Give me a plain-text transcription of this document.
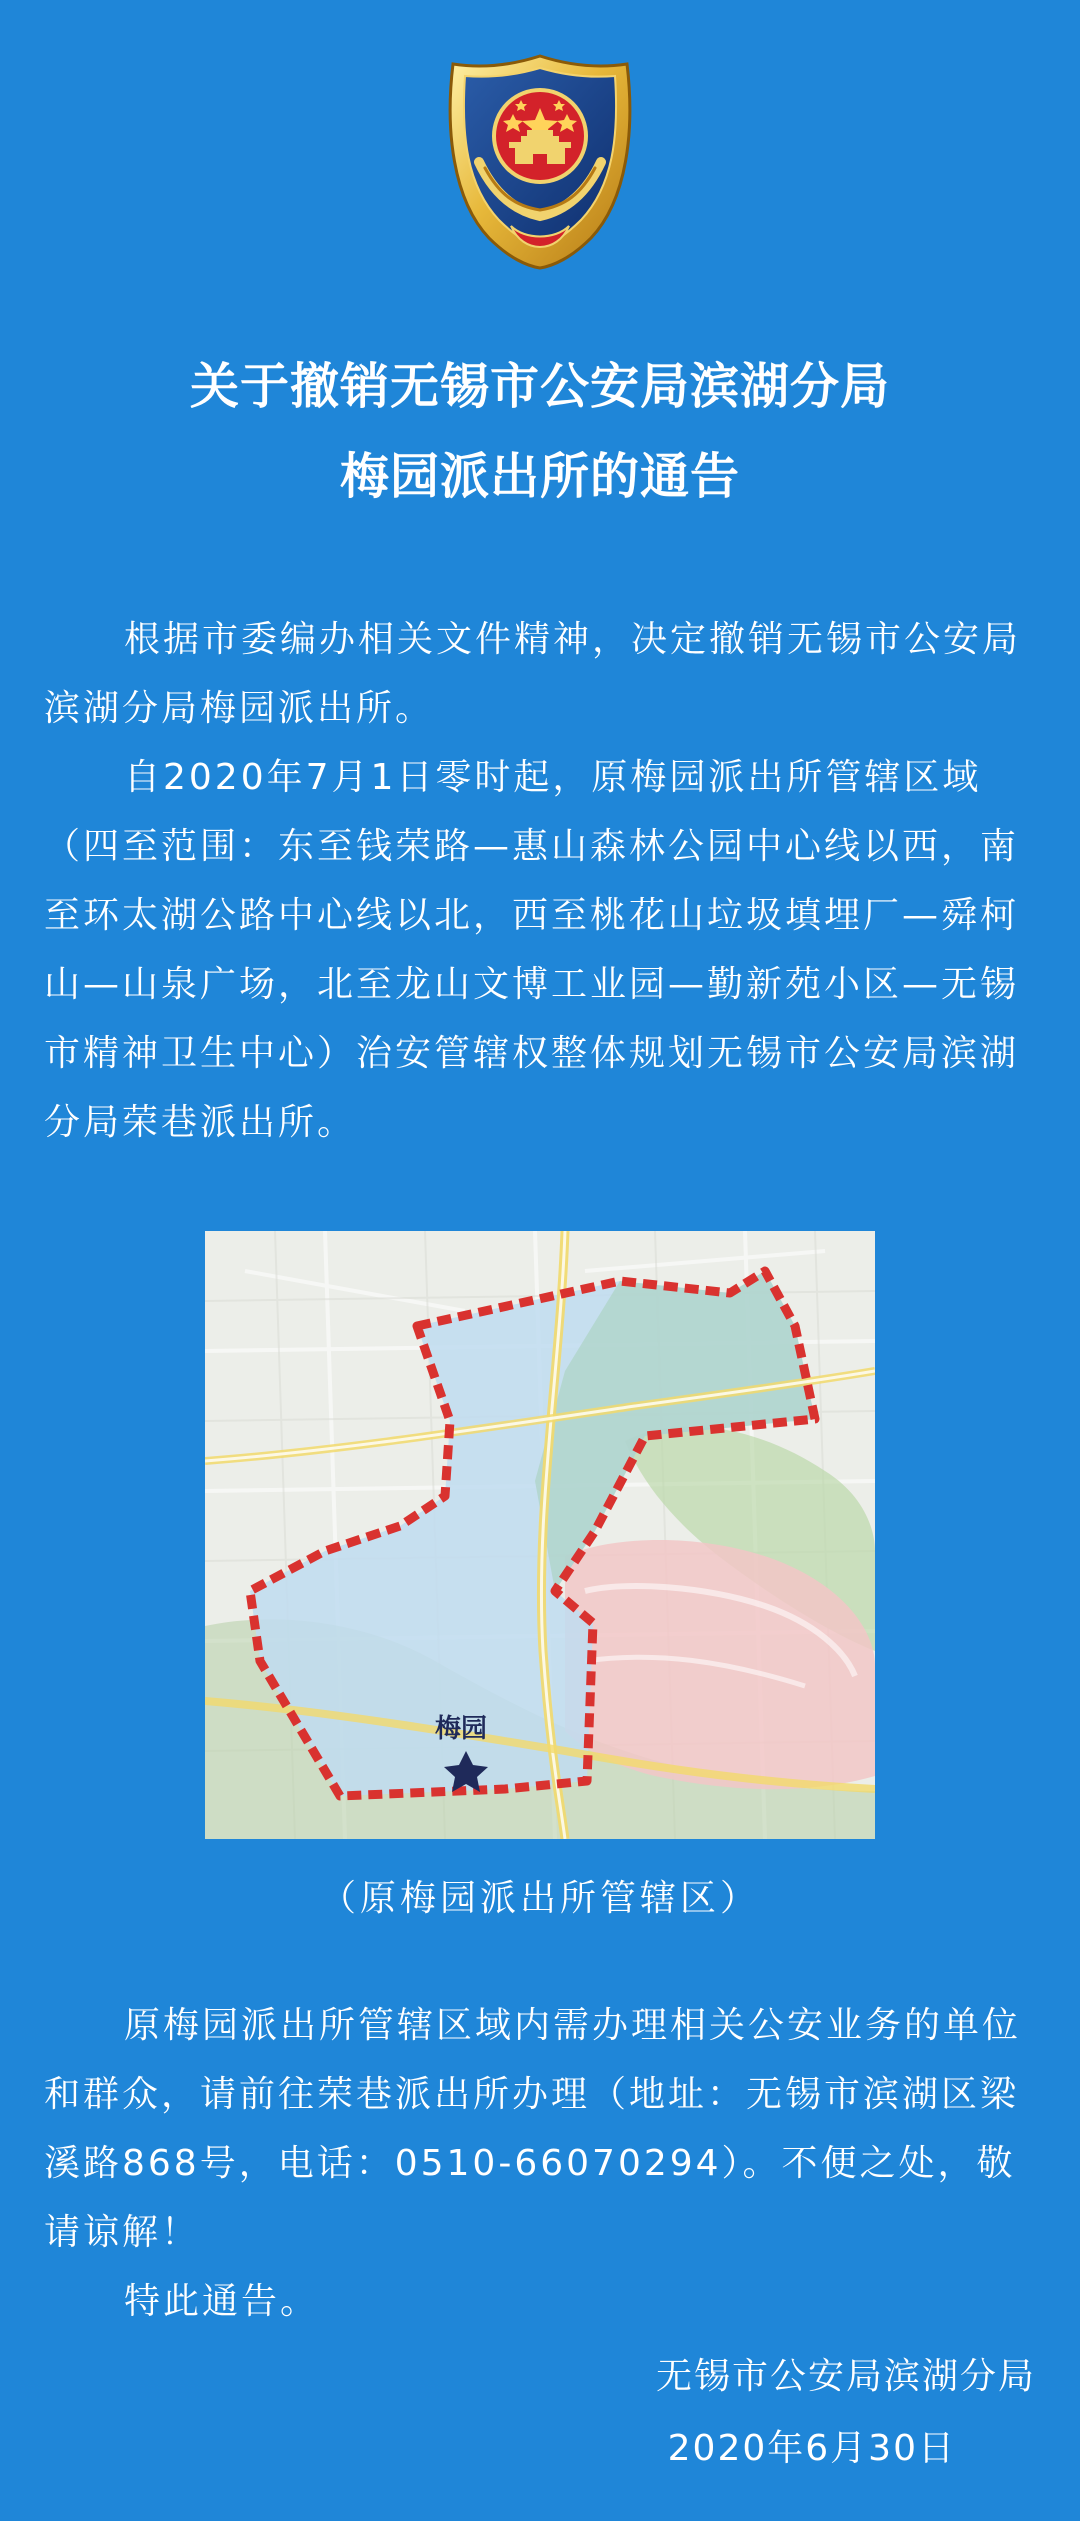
关于撤销无锡市公安局滨湖分局
梅园派出所的通告

根据市委编办相关文件精神，决定撤销无锡市公安局滨湖分局梅园派出所。

自2020年7月1日零时起，原梅园派出所管辖区域（四至范围：东至钱荣路—惠山森林公园中心线以西，南至环太湖公路中心线以北，西至桃花山垃圾填埋厂—舜柯山—山泉广场，北至龙山文博工业园—勤新苑小区—无锡市精神卫生中心）治安管辖权整体规划无锡市公安局滨湖分局荣巷派出所。

梅园
（原梅园派出所管辖区）

原梅园派出所管辖区域内需办理相关公安业务的单位和群众，请前往荣巷派出所办理（地址：无锡市滨湖区梁溪路868号，电话：0510-66070294）。不便之处，敬请谅解！

特此通告。

无锡市公安局滨湖分局
2020年6月30日
